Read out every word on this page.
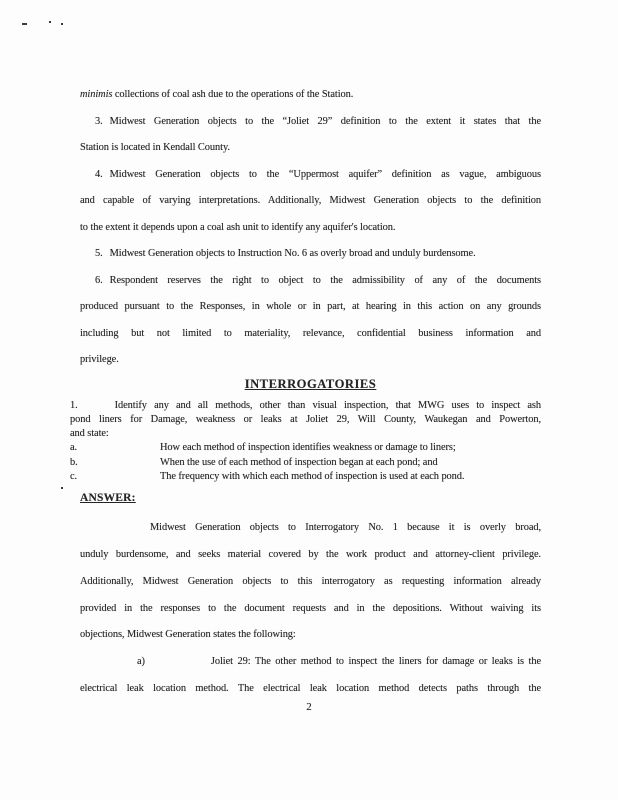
minimis collections of coal ash due to the operations of the Station.
3. Midwest Generation objects to the “Joliet 29” definition to the extent it states that the
Station is located in Kendall County.
4. Midwest Generation objects to the “Uppermost aquifer” definition as vague, ambiguous
and capable of varying interpretations. Additionally, Midwest Generation objects to the definition
to the extent it depends upon a coal ash unit to identify any aquifer's location.
5. Midwest Generation objects to Instruction No. 6 as overly broad and unduly burdensome.
6. Respondent reserves the right to object to the admissibility of any of the documents
produced pursuant to the Responses, in whole or in part, at hearing in this action on any grounds
including but not limited to materiality, relevance, confidential business information and
privilege.
INTERROGATORIES
1.	Identify any and all methods, other than visual inspection, that MWG uses to inspect ash
pond liners for Damage, weakness or leaks at Joliet 29, Will County, Waukegan and Powerton,
and state:
a.	How each method of inspection identifies weakness or damage to liners;
b.	When the use of each method of inspection began at each pond; and
c.	The frequency with which each method of inspection is used at each pond.
ANSWER:
Midwest Generation objects to Interrogatory No. 1 because it is overly broad,
unduly burdensome, and seeks material covered by the work product and attorney-client privilege.
Additionally, Midwest Generation objects to this interrogatory as requesting information already
provided in the responses to the document requests and in the depositions. Without waiving its
objections, Midwest Generation states the following:
a)	Joliet 29: The other method to inspect the liners for damage or leaks is the
electrical leak location method. The electrical leak location method detects paths through the
2
